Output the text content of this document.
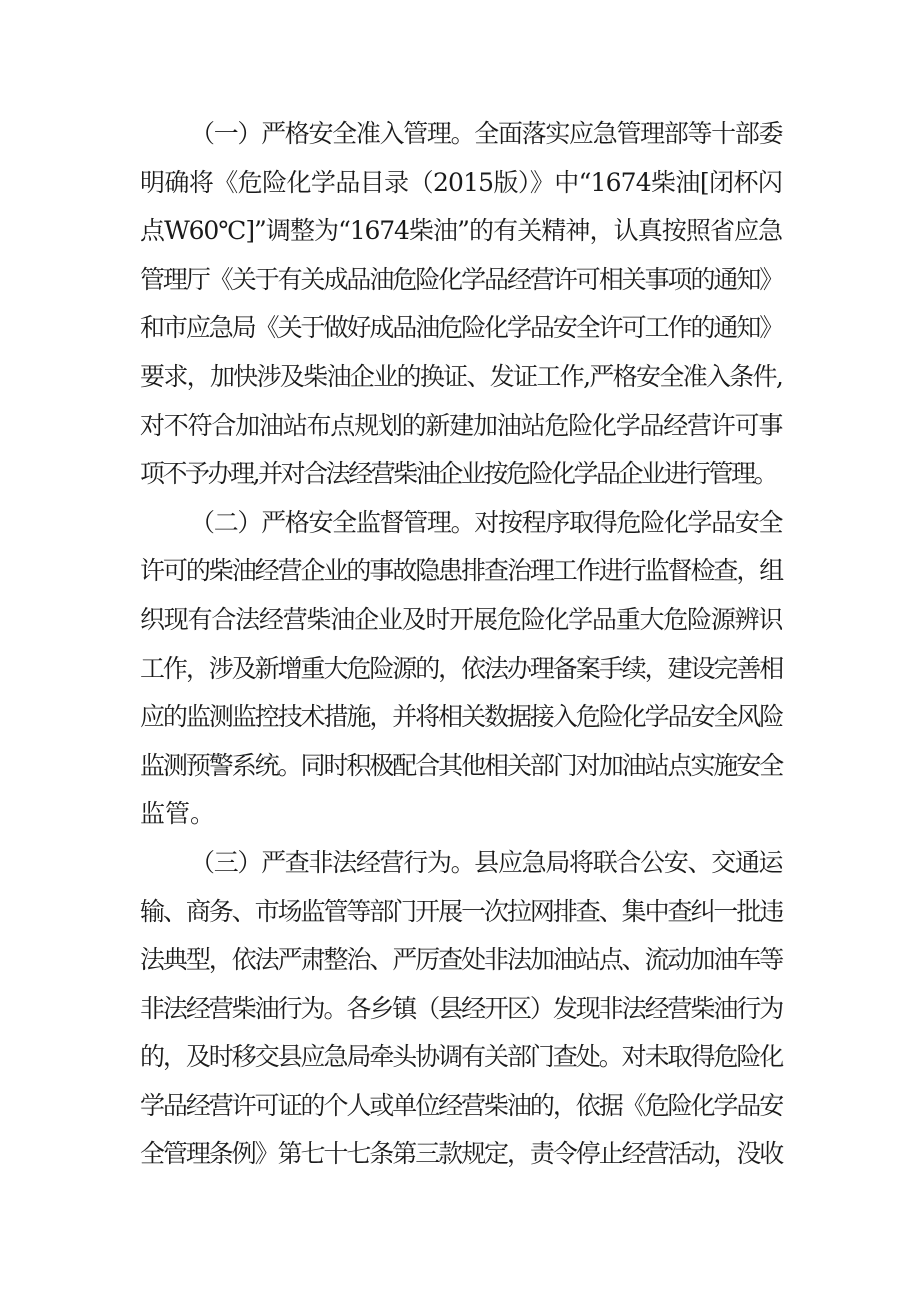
（一）严格安全准入管理。全面落实应急管理部等十部委
明确将《危险化学品目录（2015版）》中“1674柴油[闭杯闪
点W60℃]”调整为“1674柴油”的有关精神，认真按照省应急
管理厅《关于有关成品油危险化学品经营许可相关事项的通知》
和市应急局《关于做好成品油危险化学品安全许可工作的通知》
要求，加快涉及柴油企业的换证、发证工作,严格安全准入条件,
对不符合加油站布点规划的新建加油站危险化学品经营许可事
项不予办理,并对合法经营柴油企业按危险化学品企业进行管理。
（二）严格安全监督管理。对按程序取得危险化学品安全
许可的柴油经营企业的事故隐患排查治理工作进行监督检查，组
织现有合法经营柴油企业及时开展危险化学品重大危险源辨识
工作，涉及新增重大危险源的，依法办理备案手续，建设完善相
应的监测监控技术措施，并将相关数据接入危险化学品安全风险
监测预警系统。同时积极配合其他相关部门对加油站点实施安全
监管。
（三）严查非法经营行为。县应急局将联合公安、交通运
输、商务、市场监管等部门开展一次拉网排查、集中查纠一批违
法典型，依法严肃整治、严厉查处非法加油站点、流动加油车等
非法经营柴油行为。各乡镇（县经开区）发现非法经营柴油行为
的，及时移交县应急局牵头协调有关部门查处。对未取得危险化
学品经营许可证的个人或单位经营柴油的，依据《危险化学品安
全管理条例》第七十七条第三款规定，责令停止经营活动，没收
